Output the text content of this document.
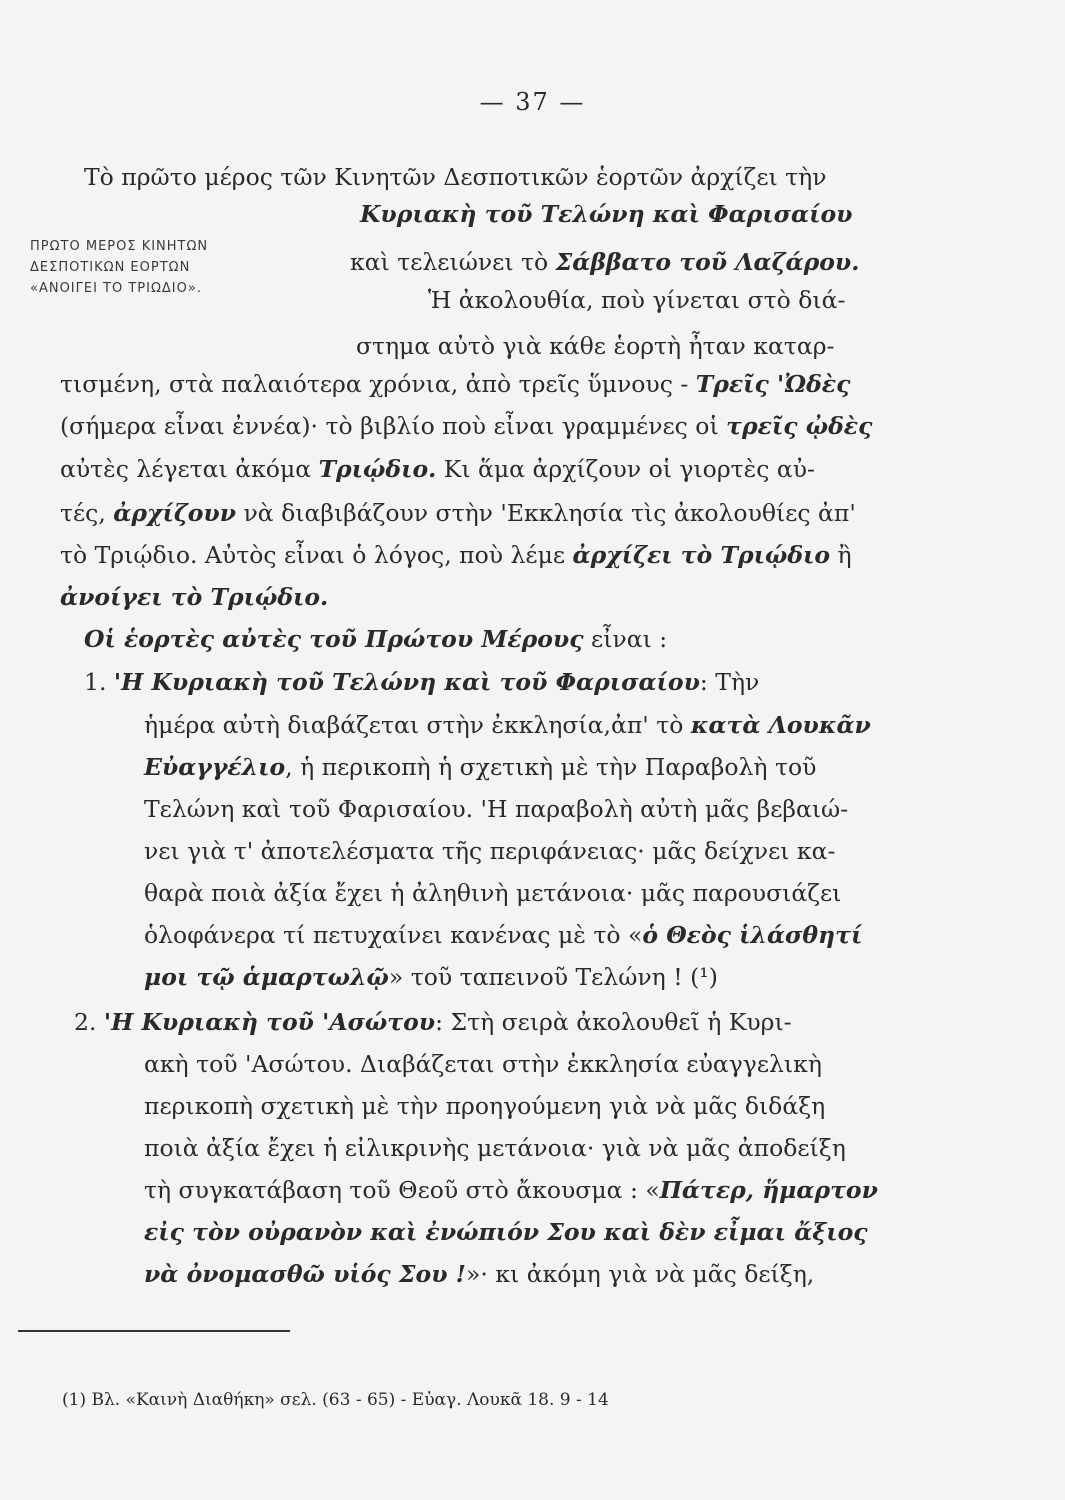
— 37 —
ΠΡΩΤΟ ΜΕΡΟΣ ΚΙΝΗΤΩΝ
ΔΕΣΠΟΤΙΚΩΝ ΕΟΡΤΩΝ
«ΑΝΟΙΓΕΙ ΤΟ ΤΡΙΩΔΙΟ».

Τὸ πρῶτο μέρος τῶν Κινητῶν Δεσποτικῶν ἑορτῶν ἀρχίζει τὴν

Κυριακὴ τοῦ Τελώνη καὶ Φαρισαίου

καὶ τελειώνει τὸ Σάββατο τοῦ Λαζάρου.

Ἡ ἀκολουθία, ποὺ γίνεται στὸ διά-

στημα αὐτὸ γιὰ κάθε ἑορτὴ ἦταν καταρ-

τισμένη, στὰ παλαιότερα χρόνια, ἀπὸ τρεῖς ὕμνους - Τρεῖς 'Ὠδὲς

(σήμερα εἶναι ἐννέα)· τὸ βιβλίο ποὺ εἶναι γραμμένες οἱ τρεῖς ᾠδὲς

αὐτὲς λέγεται ἀκόμα Τριῴδιο. Κι ἅμα ἀρχίζουν οἱ γιορτὲς αὐ-

τές, ἀρχίζουν νὰ διαβιβάζουν στὴν 'Εκκλησία τὶς ἀκολουθίες ἀπ'

τὸ Τριῴδιο. Αὐτὸς εἶναι ὁ λόγος, ποὺ λέμε ἀρχίζει τὸ Τριῴδιο ἢ

ἀνοίγει τὸ Τριῴδιο.

Οἱ ἑορτὲς αὐτὲς τοῦ Πρώτου Μέρους εἶναι :

1. 'Η Κυριακὴ τοῦ Τελώνη καὶ τοῦ Φαρισαίου: Τὴν

ἡμέρα αὐτὴ διαβάζεται στὴν ἐκκλησία,ἀπ' τὸ κατὰ Λουκᾶν

Εὐαγγέλιο, ἡ περικοπὴ ἡ σχετικὴ μὲ τὴν Παραβολὴ τοῦ

Τελώνη καὶ τοῦ Φαρισαίου. 'Η παραβολὴ αὐτὴ μᾶς βεβαιώ-

νει γιὰ τ' ἀποτελέσματα τῆς περιφάνειας· μᾶς δείχνει κα-

θαρὰ ποιὰ ἀξία ἔχει ἡ ἀληθινὴ μετάνοια· μᾶς παρουσιάζει

ὁλοφάνερα τί πετυχαίνει κανένας μὲ τὸ «ὁ Θεὸς ἱλάσθητί

μοι τῷ ἁμαρτωλῷ» τοῦ ταπεινοῦ Τελώνη ! (¹)

2. 'Η Κυριακὴ τοῦ 'Ασώτου: Στὴ σειρὰ ἀκολουθεῖ ἡ Κυρι-

ακὴ τοῦ 'Ασώτου. Διαβάζεται στὴν ἐκκλησία εὐαγγελικὴ

περικοπὴ σχετικὴ μὲ τὴν προηγούμενη γιὰ νὰ μᾶς διδάξη

ποιὰ ἀξία ἔχει ἡ εἰλικρινὴς μετάνοια· γιὰ νὰ μᾶς ἀποδείξη

τὴ συγκατάβαση τοῦ Θεοῦ στὸ ἄκουσμα : «Πάτερ, ἥμαρτον

εἰς τὸν οὐρανὸν καὶ ἐνώπιόν Σου καὶ δὲν εἶμαι ἄξιος

νὰ ὀνομασθῶ υἱός Σου !»· κι ἀκόμη γιὰ νὰ μᾶς δείξη,

(1) Βλ. «Καινὴ Διαθήκη» σελ. (63 - 65) - Εὐαγ. Λουκᾶ 18. 9 - 14
